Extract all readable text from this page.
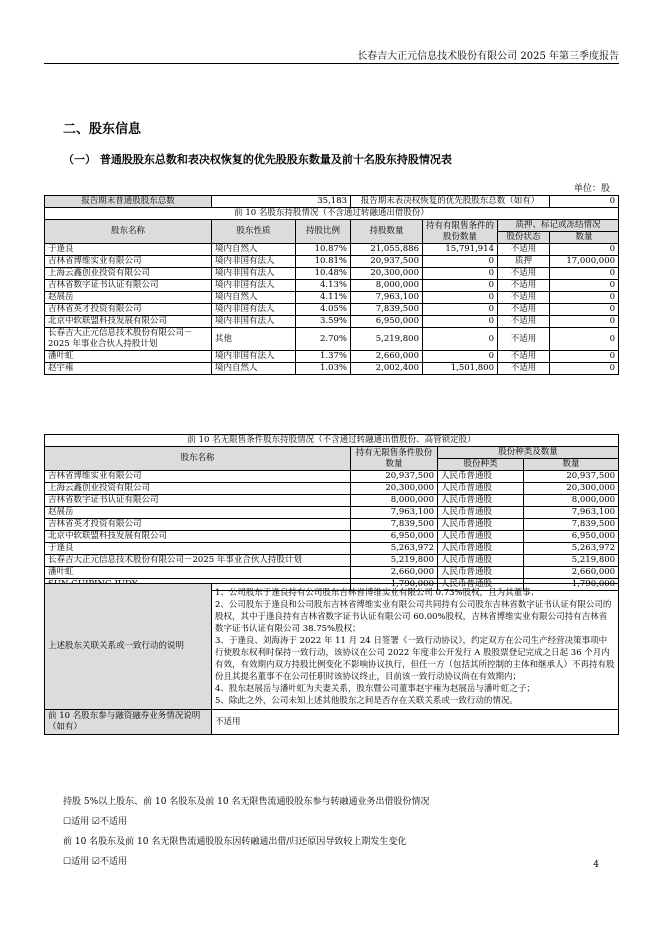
长春吉大正元信息技术股份有限公司 2025 年第三季度报告
二、股东信息
（一） 普通股股东总数和表决权恢复的优先股股东数量及前十名股东持股情况表
单位：股
报告期末普通股股东总数	35,183		报告期末表决权恢复的优先股股东总数（如有）			0
前 10 名股东持股情况（不含通过转融通出借股份）						
股东名称	股东性质	持股比例	持股数量	持有有限售条件的股份数量	质押、标记或冻结情况	
					股份状态	数量
于逢良	境内自然人	10.87%	21,055,886	15,791,914	不适用	0
吉林省博维实业有限公司	境内非国有法人	10.81%	20,937,500	0	质押	17,000,000
上海云鑫创业投资有限公司	境内非国有法人	10.48%	20,300,000	0	不适用	0
吉林省数字证书认证有限公司	境内非国有法人	4.13%	8,000,000	0	不适用	0
赵展岳	境内自然人	4.11%	7,963,100	0	不适用	0
吉林省英才投资有限公司	境内非国有法人	4.05%	7,839,500	0	不适用	0
北京中软联盟科技发展有限公司	境内非国有法人	3.59%	6,950,000	0	不适用	0
长春吉大正元信息技术股份有限公司－2025 年事业合伙人持股计划	其他	2.70%	5,219,800	0	不适用	0
潘叶虹	境内非国有法人	1.37%	2,660,000	0	不适用	0
赵宇雍	境内自然人	1.03%	2,002,400	1,501,800	不适用	0
前 10 名无限售条件股东持股情况（不含通过转融通出借股份、高管锁定股）			
股东名称	持有无限售条件股份数量	股份种类及数量	
		股份种类	数量
吉林省博维实业有限公司	20,937,500	人民币普通股	20,937,500
上海云鑫创业投资有限公司	20,300,000	人民币普通股	20,300,000
吉林省数字证书认证有限公司	8,000,000	人民币普通股	8,000,000
赵展岳	7,963,100	人民币普通股	7,963,100
吉林省英才投资有限公司	7,839,500	人民币普通股	7,839,500
北京中软联盟科技发展有限公司	6,950,000	人民币普通股	6,950,000
于逢良	5,263,972	人民币普通股	5,263,972
长春吉大正元信息技术股份有限公司－2025 年事业合伙人持股计划	5,219,800	人民币普通股	5,219,800
潘叶虹	2,660,000	人民币普通股	2,660,000
	1,790,000	人民币普通股	1,790,000
上述股东关联关系或一致行动的说明	1、公司股东于逢良持有公司股东吉林省博维实业有限公司 0.73%股权，且为其董事；
2、公司股东于逢良和公司股东吉林省博维实业有限公司共同持有公司股东吉林省数字证书认证有限公司的股权，其中于逢良持有吉林省数字证书认证有限公司 60.00%股权，吉林省博维实业有限公司持有吉林省数字证书认证有限公司 38.75%股权；
3、于逢良、刘海涛于 2022 年 11 月 24 日签署《一致行动协议》，约定双方在公司生产经营决策事项中行使股东权利时保持一致行动，该协议在公司 2022 年度非公开发行 A 股股票登记完成之日起 36 个月内有效，有效期内双方持股比例变化不影响协议执行，但任一方（包括其所控制的主体和继承人）不再持有股份且其提名董事不在公司任职时该协议终止，目前该一致行动协议尚在有效期内；
4、股东赵展岳与潘叶虹为夫妻关系，股东暨公司董事赵宇雍为赵展岳与潘叶虹之子；
5、除此之外，公司未知上述其他股东之间是否存在关联关系或一致行动的情况。

前 10 名股东参与融资融券业务情况说明（如有）	不适用
持股 5%以上股东、前 10 名股东及前 10 名无限售流通股股东参与转融通业务出借股份情况
☐适用 ☑不适用
前 10 名股东及前 10 名无限售流通股股东因转融通出借/归还原因导致较上期发生变化
☐适用 ☑不适用	4
